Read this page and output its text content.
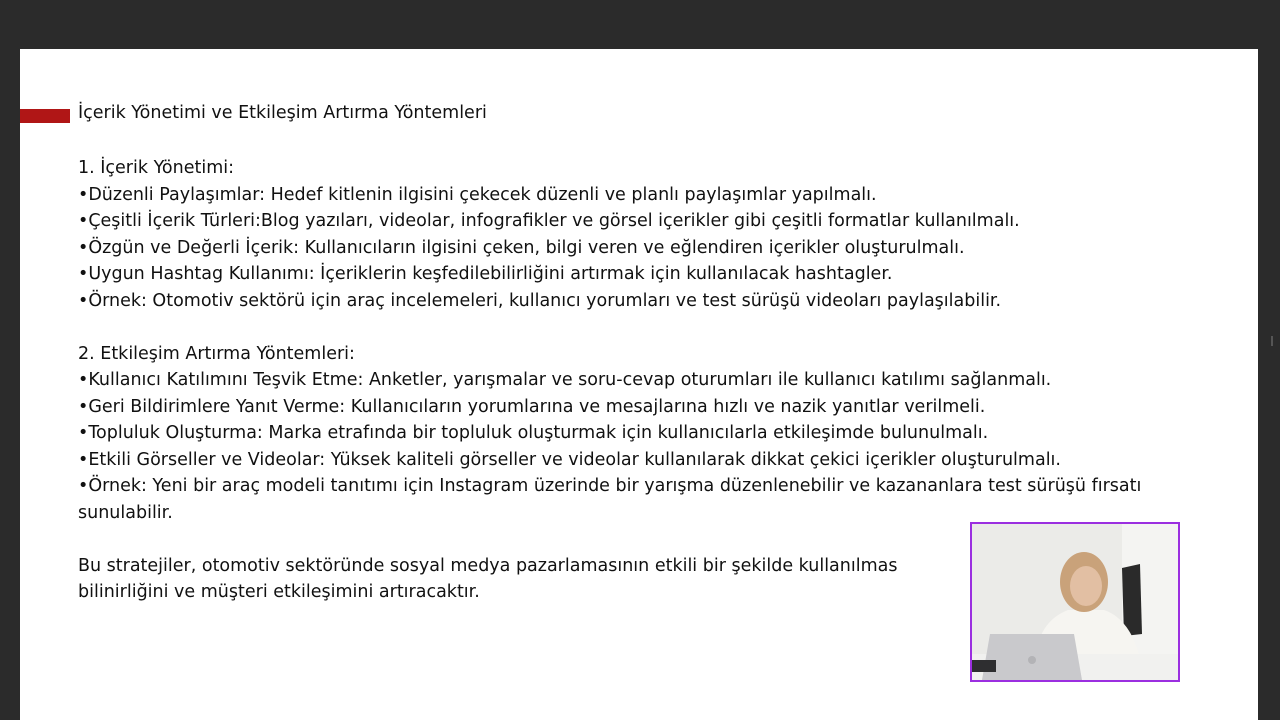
İçerik Yönetimi ve Etkileşim Artırma Yöntemleri
1. İçerik Yönetimi:
•Düzenli Paylaşımlar: Hedef kitlenin ilgisini çekecek düzenli ve planlı paylaşımlar yapılmalı.
•Çeşitli İçerik Türleri:Blog yazıları, videolar, infografikler ve görsel içerikler gibi çeşitli formatlar kullanılmalı.
•Özgün ve Değerli İçerik: Kullanıcıların ilgisini çeken, bilgi veren ve eğlendiren içerikler oluşturulmalı.
•Uygun Hashtag Kullanımı: İçeriklerin keşfedilebilirliğini artırmak için kullanılacak hashtagler.
•Örnek: Otomotiv sektörü için araç incelemeleri, kullanıcı yorumları ve test sürüşü videoları paylaşılabilir.
2. Etkileşim Artırma Yöntemleri:
•Kullanıcı Katılımını Teşvik Etme: Anketler, yarışmalar ve soru-cevap oturumları ile kullanıcı katılımı sağlanmalı.
•Geri Bildirimlere Yanıt Verme: Kullanıcıların yorumlarına ve mesajlarına hızlı ve nazik yanıtlar verilmeli.
•Topluluk Oluşturma: Marka etrafında bir topluluk oluşturmak için kullanıcılarla etkileşimde bulunulmalı.
•Etkili Görseller ve Videolar: Yüksek kaliteli görseller ve videolar kullanılarak dikkat çekici içerikler oluşturulmalı.
•Örnek: Yeni bir araç modeli tanıtımı için Instagram üzerinde bir yarışma düzenlenebilir ve kazananlara test sürüşü fırsatı sunulabilir.
Bu stratejiler, otomotiv sektöründe sosyal medya pazarlamasının etkili bir şekilde kullanılmas
bilinirliğini ve müşteri etkileşimini artıracaktır.
